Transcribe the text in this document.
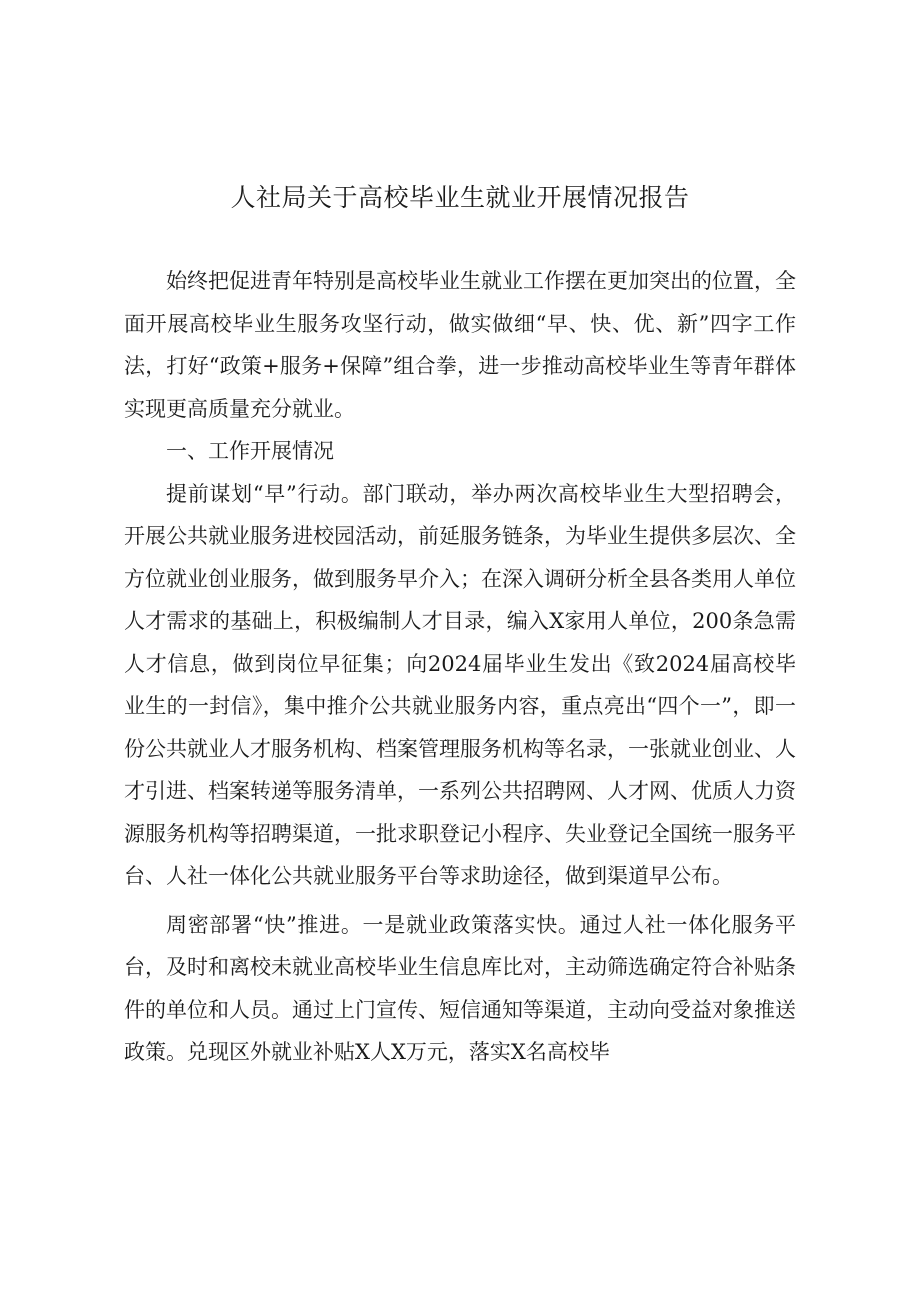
人社局关于高校毕业生就业开展情况报告

始终把促进青年特别是高校毕业生就业工作摆在更加突出的位置，全面开展高校毕业生服务攻坚行动，做实做细“早、快、优、新”四字工作法，打好“政策+服务+保障”组合拳，进一步推动高校毕业生等青年群体实现更高质量充分就业。

一、工作开展情况

提前谋划“早”行动。部门联动，举办两次高校毕业生大型招聘会，开展公共就业服务进校园活动，前延服务链条，为毕业生提供多层次、全方位就业创业服务，做到服务早介入；在深入调研分析全县各类用人单位人才需求的基础上，积极编制人才目录，编入X家用人单位，200条急需人才信息，做到岗位早征集；向2024届毕业生发出《致2024届高校毕业生的一封信》，集中推介公共就业服务内容，重点亮出“四个一”，即一份公共就业人才服务机构、档案管理服务机构等名录，一张就业创业、人才引进、档案转递等服务清单，一系列公共招聘网、人才网、优质人力资源服务机构等招聘渠道，一批求职登记小程序、失业登记全国统一服务平台、人社一体化公共就业服务平台等求助途径，做到渠道早公布。

周密部署“快”推进。一是就业政策落实快。通过人社一体化服务平台，及时和离校未就业高校毕业生信息库比对，主动筛选确定符合补贴条件的单位和人员。通过上门宣传、短信通知等渠道，主动向受益对象推送政策。兑现区外就业补贴X人X万元，落实X名高校毕
